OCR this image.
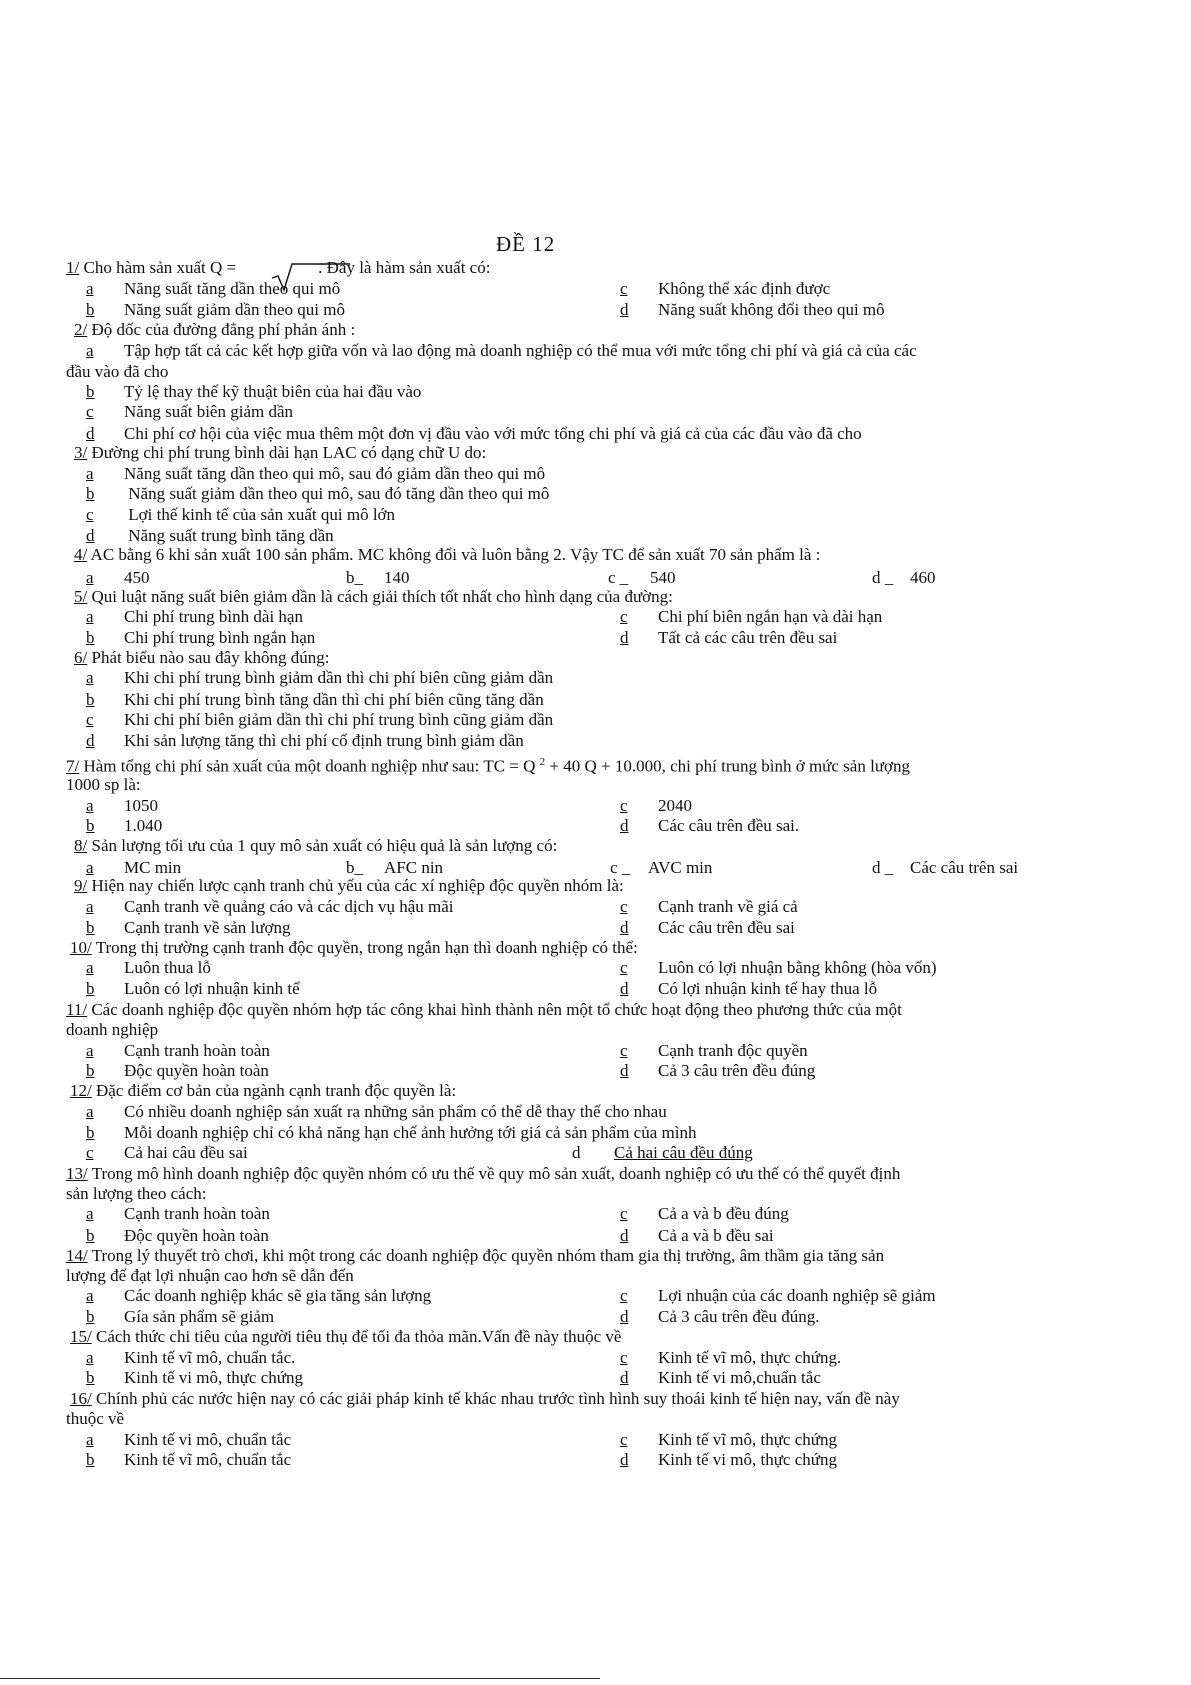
ĐỀ 12
1/ Cho hàm sản xuất Q =	. Đây là hàm sản xuất có:
a Năng suất tăng dần theo qui mô	c Không thể xác định được
b Năng suất giảm dần theo qui mô	d Năng suất không đổi theo qui mô
2/ Độ dốc của đường đẳng phí phản ánh :
a Tập hợp tất cả các kết hợp giữa vốn và lao động mà doanh nghiệp có thể mua với mức tổng chi phí và giá cả của các
đầu vào đã cho
b Tỷ lệ thay thế kỹ thuật biên của hai đầu vào
c Năng suất biên giảm dần
d Chi phí cơ hội của việc mua thêm một đơn vị đầu vào với mức tổng chi phí và giá cả của các đầu vào đã cho
3/ Đường chi phí trung bình dài hạn LAC có dạng chữ U do:
a Năng suất tăng dần theo qui mô, sau đó giảm dần theo qui mô
b Năng suất giảm dần theo qui mô, sau đó tăng dần theo qui mô
c Lợi thế kinh tế của sản xuất qui mô lớn
d Năng suất trung bình tăng dần
4/ AC bằng 6 khi sản xuất 100 sản phẩm. MC không đổi và luôn bằng 2. Vậy TC để sản xuất 70 sản phẩm là :
a 450	b_ 140	c _ 540	d _ 460
5/ Qui luật năng suất biên giảm dần là cách giải thích tốt nhất cho hình dạng của đường:
a Chi phí trung bình dài hạn	c Chi phí biên ngắn hạn và dài hạn
b Chi phí trung bình ngắn hạn	d Tất cả các câu trên đều sai
6/ Phát biểu nào sau đây không đúng:
a Khi chi phí trung bình giảm dần thì chi phí biên cũng giảm dần
b Khi chi phí trung bình tăng dần thì chi phí biên cũng tăng dần
c Khi chi phí biên giảm dần thì chi phí trung bình cũng giảm dần
d Khi sản lượng tăng thì chi phí cố định trung bình giảm dần
7/ Hàm tổng chi phí sản xuất của một doanh nghiệp như sau: TC = Q $^2$ + 40 Q + 10.000, chi phí trung bình ở mức sản lượng
1000 sp là:
a 1050	c 2040
b 1.040	d Các câu trên đều sai.
8/ Sản lượng tối ưu của 1 quy mô sản xuất có hiệu quả là sản lượng có:
a MC min	b_ AFC nin	c _ AVC min	d _ Các câu trên sai
9/ Hiện nay chiến lược cạnh tranh chủ yếu của các xí nghiệp độc quyền nhóm là:
a Cạnh tranh về quảng cáo và các dịch vụ hậu mãi	c Cạnh tranh về giá cả
b Cạnh tranh về sản lượng	d Các câu trên đều sai
10/ Trong thị trường cạnh tranh độc quyền, trong ngắn hạn thì doanh nghiệp có thể:
a Luôn thua lỗ	c Luôn có lợi nhuận bằng không (hòa vốn)
b Luôn có lợi nhuận kinh tế	d Có lợi nhuận kinh tế hay thua lỗ
11/ Các doanh nghiệp độc quyền nhóm hợp tác công khai hình thành nên một tổ chức hoạt động theo phương thức của một
doanh nghiệp
a Cạnh tranh hoàn toàn	c Cạnh tranh độc quyền
b Độc quyền hoàn toàn	d Cả 3 câu trên đều đúng
12/ Đặc điểm cơ bản của ngành cạnh tranh độc quyền là:
a Có nhiều doanh nghiệp sản xuất ra những sản phẩm có thể dễ thay thế cho nhau
b Mỗi doanh nghiệp chỉ có khả năng hạn chế ảnh hưởng tới giá cả sản phẩm của mình
c Cả hai câu đều sai	d Cả hai câu đều đúng
13/ Trong mô hình doanh nghiệp độc quyền nhóm có ưu thế về quy mô sản xuất, doanh nghiệp có ưu thế có thể quyết định
sản lượng theo cách:
a Cạnh tranh hoàn toàn	c Cả a và b đều đúng
b Độc quyền hoàn toàn	d Cả a và b đều sai
14/ Trong lý thuyết trò chơi, khi một trong các doanh nghiệp độc quyền nhóm tham gia thị trường, âm thầm gia tăng sản
lượng để đạt lợi nhuận cao hơn sẽ dẫn đến
a Các doanh nghiệp khác sẽ gia tăng sản lượng	c Lợi nhuận của các doanh nghiệp sẽ giảm
b Gía sản phẩm sẽ giảm	d Cả 3 câu trên đều đúng.
15/ Cách thức chi tiêu của người tiêu thụ để tối đa thỏa mãn.Vấn đề này thuộc về
a Kinh tế vĩ mô, chuẩn tắc.	c Kinh tế vĩ mô, thực chứng.
b Kinh tế vi mô, thực chứng	d Kinh tế vi mô,chuẩn tắc
16/ Chính phủ các nước hiện nay có các giải pháp kinh tế khác nhau trước tình hình suy thoái kinh tế hiện nay, vấn đề này
thuộc về
a Kinh tế vi mô, chuẩn tắc	c Kinh tế vĩ mô, thực chứng
b Kinh tế vĩ mô, chuẩn tắc	d Kinh tế vi mô, thực chứng
